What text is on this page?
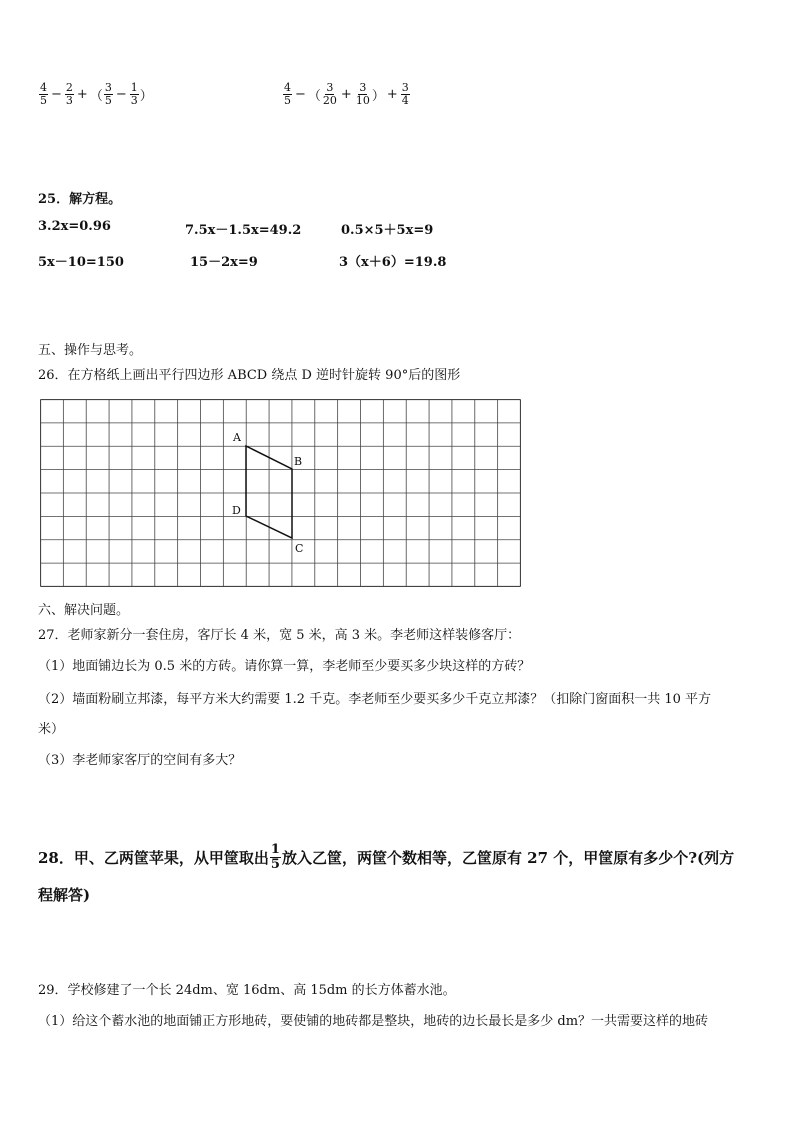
$\frac{4}{5} - \frac{2}{3}$ + （ $\frac{3}{5} - \frac{1}{3}$ ）	$\frac{4}{5}$ − （ $\frac{3}{20} + \frac{3}{10}$ ） + $\frac{3}{4}$
25．解方程。
3.2x=0.96	7.5x－1.5x=49.2	0.5×5＋5x=9
5x－10=150	15－2x=9	3（x＋6）=19.8
五、操作与思考。
26．在方格纸上画出平行四边形 ABCD 绕点 D 逆时针旋转 90°后的图形
A
B
C
D
六、解决问题。
27．老师家新分一套住房，客厅长 4 米，宽 5 米，高 3 米。李老师这样装修客厅：
（1）地面铺边长为 0.5 米的方砖。请你算一算，李老师至少要买多少块这样的方砖？
（2）墙面粉刷立邦漆，每平方米大约需要 1.2 千克。李老师至少要买多少千克立邦漆？（扣除门窗面积一共 10 平方
米）
（3）李老师家客厅的空间有多大？
28．甲、乙两筐苹果，从甲筐取出 $\frac{1}{5}$ 放入乙筐，两筐个数相等，乙筐原有 27 个，甲筐原有多少个?(列方
程解答)
29．学校修建了一个长 24dm、宽 16dm、高 15dm 的长方体蓄水池。
（1）给这个蓄水池的地面铺正方形地砖，要使铺的地砖都是整块，地砖的边长最长是多少 dm？一共需要这样的地砖
